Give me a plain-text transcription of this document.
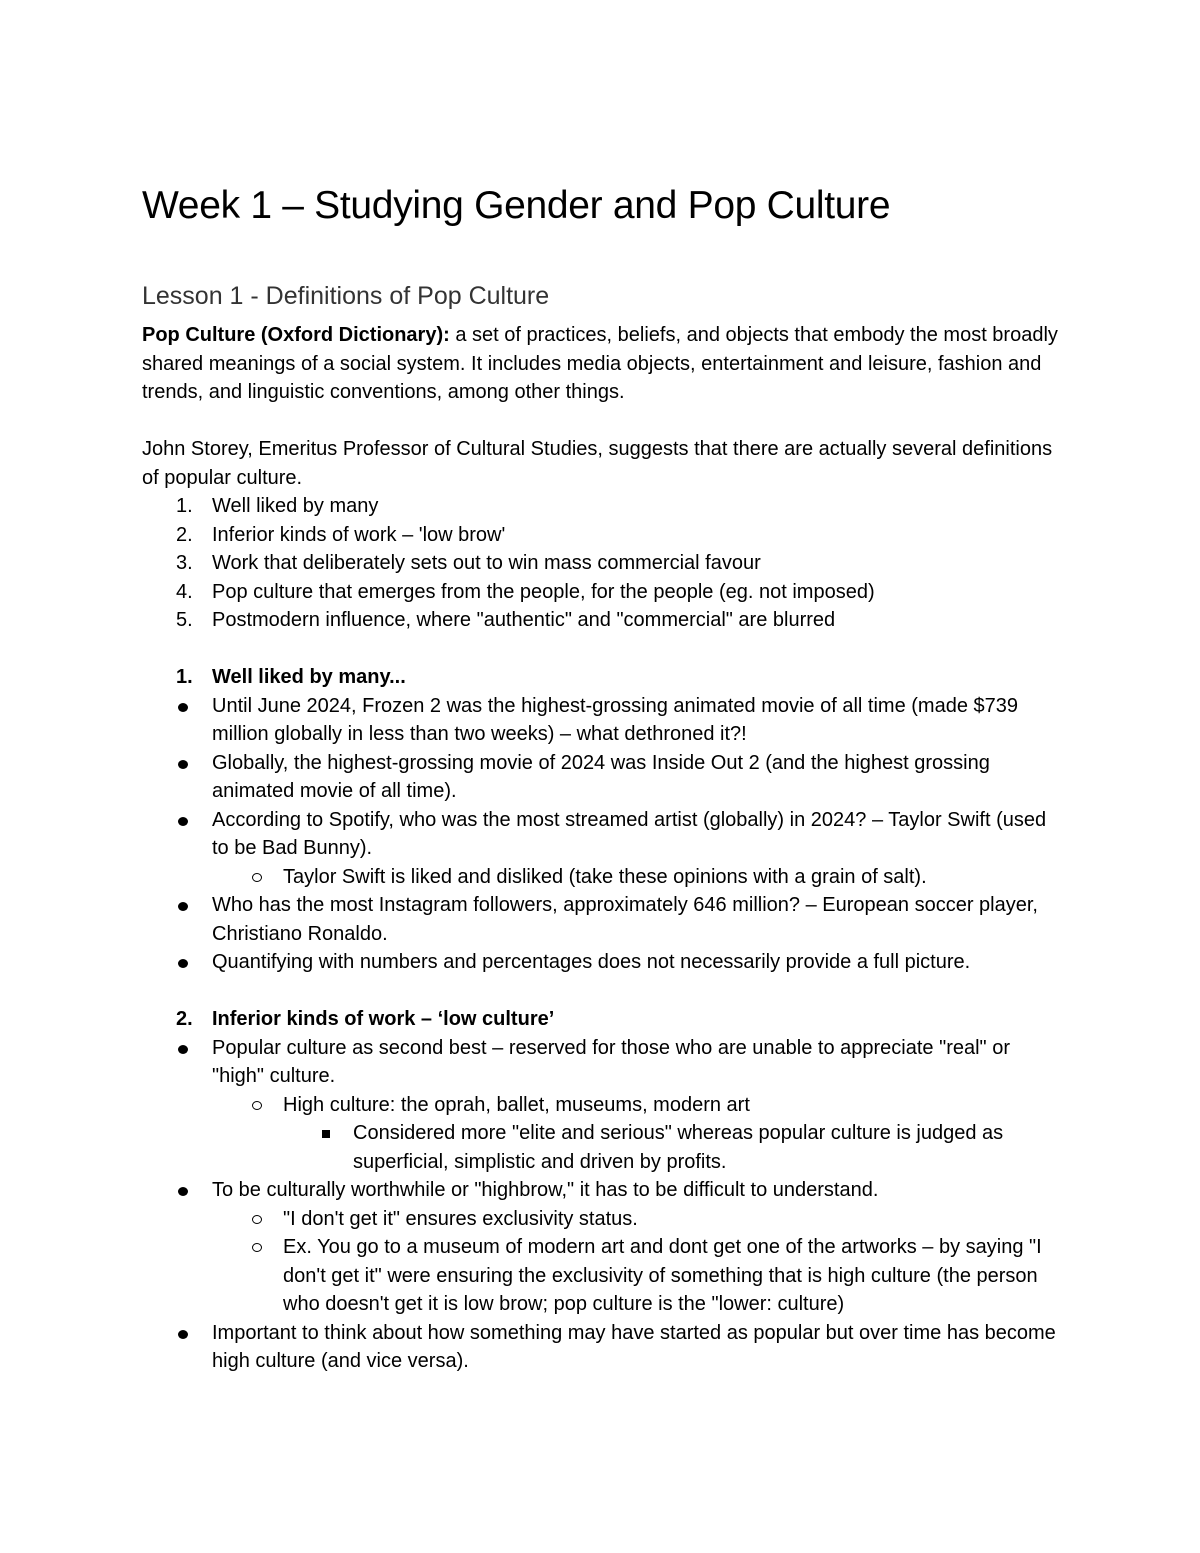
Week 1 – Studying Gender and Pop Culture
Lesson 1 - Definitions of Pop Culture

Pop Culture (Oxford Dictionary): a set of practices, beliefs, and objects that embody the most broadly shared meanings of a social system. It includes media objects, entertainment and leisure, fashion and trends, and linguistic conventions, among other things.

John Storey, Emeritus Professor of Cultural Studies, suggests that there are actually several definitions of popular culture.

1. Well liked by many
2. Inferior kinds of work – 'low brow'
3. Work that deliberately sets out to win mass commercial favour
4. Pop culture that emerges from the people, for the people (eg. not imposed)
5. Postmodern influence, where "authentic" and "commercial" are blurred
1. Well liked by many...
Until June 2024, Frozen 2 was the highest-grossing animated movie of all time (made $739 million globally in less than two weeks) – what dethroned it?!
Globally, the highest-grossing movie of 2024 was Inside Out 2 (and the highest grossing animated movie of all time).
According to Spotify, who was the most streamed artist (globally) in 2024? – Taylor Swift (used to be Bad Bunny).
Taylor Swift is liked and disliked (take these opinions with a grain of salt).
Who has the most Instagram followers, approximately 646 million? – European soccer player, Christiano Ronaldo.
Quantifying with numbers and percentages does not necessarily provide a full picture.
2. Inferior kinds of work – ‘low culture’
Popular culture as second best – reserved for those who are unable to appreciate "real" or "high" culture.
High culture: the oprah, ballet, museums, modern art
Considered more "elite and serious" whereas popular culture is judged as superficial, simplistic and driven by profits.
To be culturally worthwhile or "highbrow," it has to be difficult to understand.
"I don't get it" ensures exclusivity status.
Ex. You go to a museum of modern art and dont get one of the artworks – by saying "I don't get it" were ensuring the exclusivity of something that is high culture (the person who doesn't get it is low brow; pop culture is the "lower: culture)
Important to think about how something may have started as popular but over time has become high culture (and vice versa).
